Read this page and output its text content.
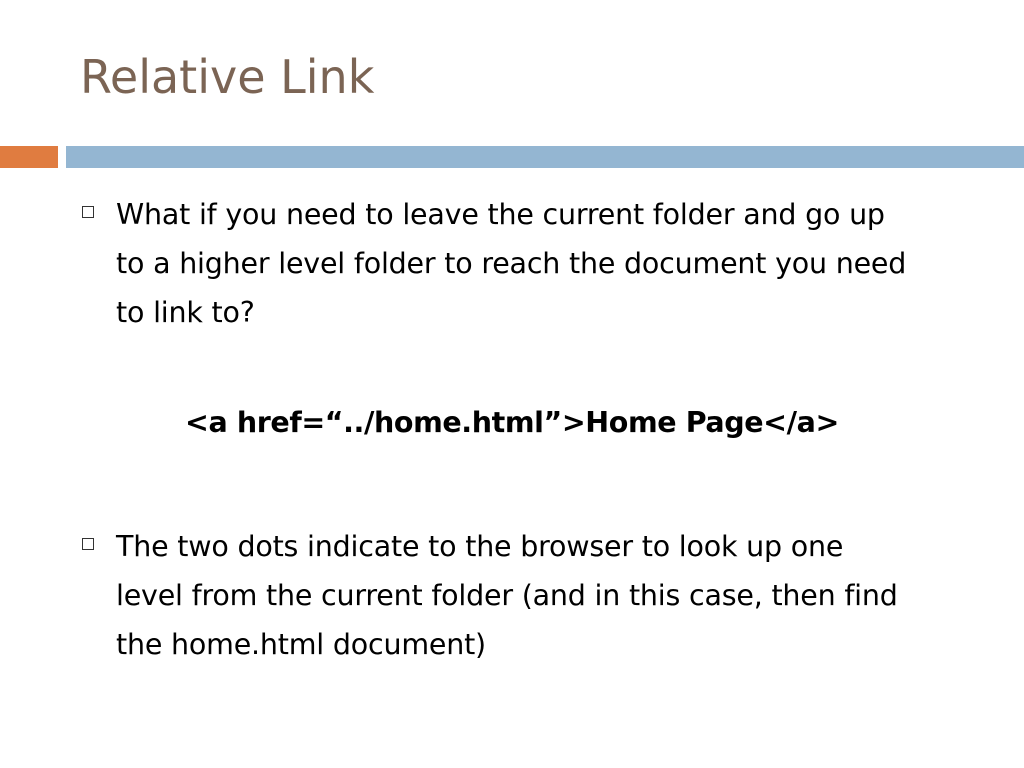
Relative Link
What if you need to leave the current folder and go up to a higher level folder to reach the document you need to link to?
<a href=“../home.html”>Home Page</a>
The two dots indicate to the browser to look up one level from the current folder (and in this case, then find the home.html document)
